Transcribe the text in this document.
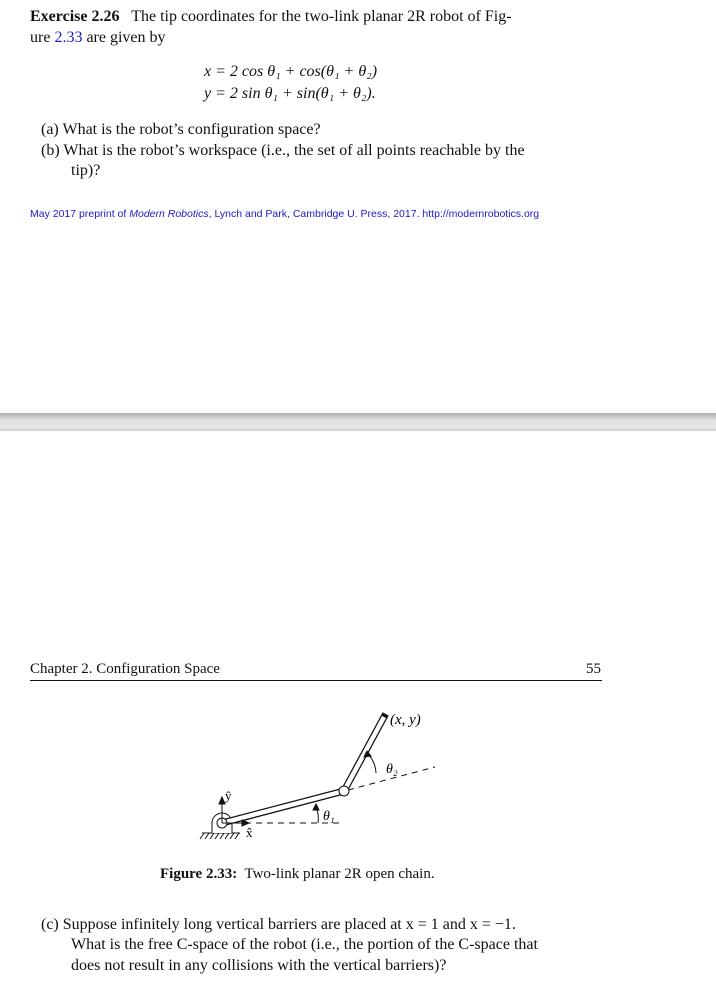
Exercise 2.26 The tip coordinates for the two-link planar 2R robot of Fig-
ure 2.33 are given by
x = 2 cos θ₁ + cos(θ₁ + θ₂)
y = 2 sin θ₁ + sin(θ₁ + θ₂).
(a) What is the robot’s configuration space?
(b) What is the robot’s workspace (i.e., the set of all points reachable by the
tip)?
May 2017 preprint of Modern Robotics, Lynch and Park, Cambridge U. Press, 2017. http://modernrobotics.org
Chapter 2. Configuration Space	55
(x, y)
θ₂
θ₁
ŷ
x̂
Figure 2.33: Two-link planar 2R open chain.
(c) Suppose infinitely long vertical barriers are placed at x = 1 and x = −1.
What is the free C-space of the robot (i.e., the portion of the C-space that
does not result in any collisions with the vertical barriers)?
